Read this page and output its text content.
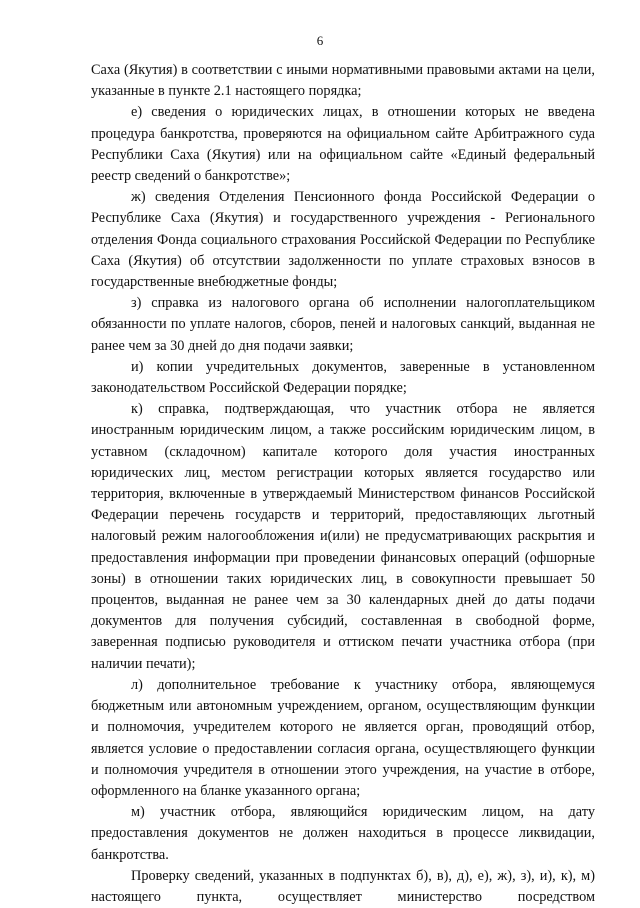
6

Саха (Якутия) в соответствии с иными нормативными правовыми актами на цели, указанные в пункте 2.1 настоящего порядка;

е) сведения о юридических лицах, в отношении которых не введена процедура банкротства, проверяются на официальном сайте Арбитражного суда Республики Саха (Якутия) или на официальном сайте «Единый федеральный реестр сведений о банкротстве»;

ж) сведения Отделения Пенсионного фонда Российской Федерации о Республике Саха (Якутия) и государственного учреждения - Регионального отделения Фонда социального страхования Российской Федерации по Республике Саха (Якутия) об отсутствии задолженности по уплате страховых взносов в государственные внебюджетные фонды;

з) справка из налогового органа об исполнении налогоплательщиком обязанности по уплате налогов, сборов, пеней и налоговых санкций, выданная не ранее чем за 30 дней до дня подачи заявки;

и) копии учредительных документов, заверенные в установленном законодательством Российской Федерации порядке;

к) справка, подтверждающая, что участник отбора не является иностранным юридическим лицом, а также российским юридическим лицом, в уставном (складочном) капитале которого доля участия иностранных юридических лиц, местом регистрации которых является государство или территория, включенные в утверждаемый Министерством финансов Российской Федерации перечень государств и территорий, предоставляющих льготный налоговый режим налогообложения и(или) не предусматривающих раскрытия и предоставления информации при проведении финансовых операций (офшорные зоны) в отношении таких юридических лиц, в совокупности превышает 50 процентов, выданная не ранее чем за 30 календарных дней до даты подачи документов для получения субсидий, составленная в свободной форме, заверенная подписью руководителя и оттиском печати участника отбора (при наличии печати);

л) дополнительное требование к участнику отбора, являющемуся бюджетным или автономным учреждением, органом, осуществляющим функции и полномочия, учредителем которого не является орган, проводящий отбор, является условие о предоставлении согласия органа, осуществляющего функции и полномочия учредителя в отношении этого учреждения, на участие в отборе, оформленного на бланке указанного органа;

м) участник отбора, являющийся юридическим лицом, на дату предоставления документов не должен находиться в процессе ликвидации, банкротства.

Проверку сведений, указанных в подпунктах б), в), д), е), ж), з), и), к), м) настоящего пункта, осуществляет министерство посредством
